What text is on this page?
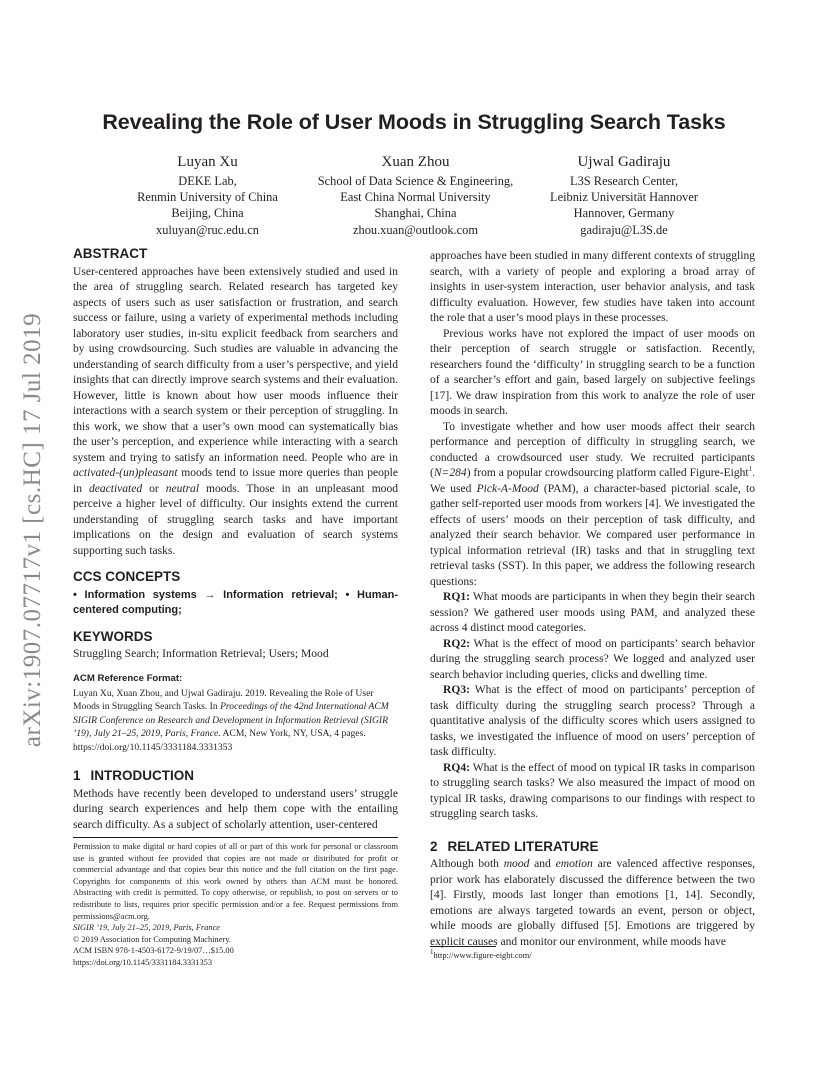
arXiv:1907.07717v1 [cs.HC] 17 Jul 2019
Revealing the Role of User Moods in Struggling Search Tasks
Luyan Xu
DEKE Lab,
Renmin University of China
Beijing, China
xuluyan@ruc.edu.cn
Xuan Zhou
School of Data Science & Engineering,
East China Normal University
Shanghai, China
zhou.xuan@outlook.com
Ujwal Gadiraju
L3S Research Center,
Leibniz Universität Hannover
Hannover, Germany
gadiraju@L3S.de
ABSTRACT

User-centered approaches have been extensively studied and used in the area of struggling search. Related research has targeted key aspects of users such as user satisfaction or frustration, and search success or failure, using a variety of experimental methods including laboratory user studies, in-situ explicit feedback from searchers and by using crowdsourcing. Such studies are valuable in advancing the understanding of search difficulty from a user’s perspective, and yield insights that can directly improve search systems and their evaluation. However, little is known about how user moods influence their interactions with a search system or their perception of struggling. In this work, we show that a user’s own mood can systematically bias the user’s perception, and experience while interacting with a search system and trying to satisfy an information need. People who are in activated-(un)pleasant moods tend to issue more queries than people in deactivated or neutral moods. Those in an unpleasant mood perceive a higher level of difficulty. Our insights extend the current understanding of struggling search tasks and have important implications on the design and evaluation of search systems supporting such tasks.

CCS CONCEPTS

• Information systems → Information retrieval; • Human-centered computing;

KEYWORDS

Struggling Search; Information Retrieval; Users; Mood

ACM Reference Format:

Luyan Xu, Xuan Zhou, and Ujwal Gadiraju. 2019. Revealing the Role of User Moods in Struggling Search Tasks. In Proceedings of the 42nd International ACM SIGIR Conference on Research and Development in Information Retrieval (SIGIR ’19), July 21–25, 2019, Paris, France. ACM, New York, NY, USA, 4 pages. https://doi.org/10.1145/3331184.3331353

1 INTRODUCTION

Methods have recently been developed to understand users’ struggle during search experiences and help them cope with the entailing search difficulty. As a subject of scholarly attention, user-centered

Permission to make digital or hard copies of all or part of this work for personal or classroom use is granted without fee provided that copies are not made or distributed for profit or commercial advantage and that copies bear this notice and the full citation on the first page. Copyrights for components of this work owned by others than ACM must be honored. Abstracting with credit is permitted. To copy otherwise, or republish, to post on servers or to redistribute to lists, requires prior specific permission and/or a fee. Request permissions from permissions@acm.org.
SIGIR ’19, July 21–25, 2019, Paris, France
© 2019 Association for Computing Machinery.
ACM ISBN 978-1-4503-6172-9/19/07…$15.00
https://doi.org/10.1145/3331184.3331353

approaches have been studied in many different contexts of struggling search, with a variety of people and exploring a broad array of insights in user-system interaction, user behavior analysis, and task difficulty evaluation. However, few studies have taken into account the role that a user’s mood plays in these processes.

Previous works have not explored the impact of user moods on their perception of search struggle or satisfaction. Recently, researchers found the ‘difficulty’ in struggling search to be a function of a searcher’s effort and gain, based largely on subjective feelings [17]. We draw inspiration from this work to analyze the role of user moods in search.

To investigate whether and how user moods affect their search performance and perception of difficulty in struggling search, we conducted a crowdsourced user study. We recruited participants (N=284) from a popular crowdsourcing platform called Figure-Eight$^1$. We used Pick-A-Mood (PAM), a character-based pictorial scale, to gather self-reported user moods from workers [4]. We investigated the effects of users’ moods on their perception of task difficulty, and analyzed their search behavior. We compared user performance in typical information retrieval (IR) tasks and that in struggling text retrieval tasks (SST). In this paper, we address the following research questions:

RQ1: What moods are participants in when they begin their search session? We gathered user moods using PAM, and analyzed these across 4 distinct mood categories.

RQ2: What is the effect of mood on participants’ search behavior during the struggling search process? We logged and analyzed user search behavior including queries, clicks and dwelling time.

RQ3: What is the effect of mood on participants’ perception of task difficulty during the struggling search process? Through a quantitative analysis of the difficulty scores which users assigned to tasks, we investigated the influence of mood on users’ perception of task difficulty.

RQ4: What is the effect of mood on typical IR tasks in comparison to struggling search tasks? We also measured the impact of mood on typical IR tasks, drawing comparisons to our findings with respect to struggling search tasks.

2 RELATED LITERATURE

Although both mood and emotion are valenced affective responses, prior work has elaborately discussed the difference between the two [4]. Firstly, moods last longer than emotions [1, 14]. Secondly, emotions are always targeted towards an event, person or object, while moods are globally diffused [5]. Emotions are triggered by explicit causes and monitor our environment, while moods have

$^1$http://www.figure-eight.com/
